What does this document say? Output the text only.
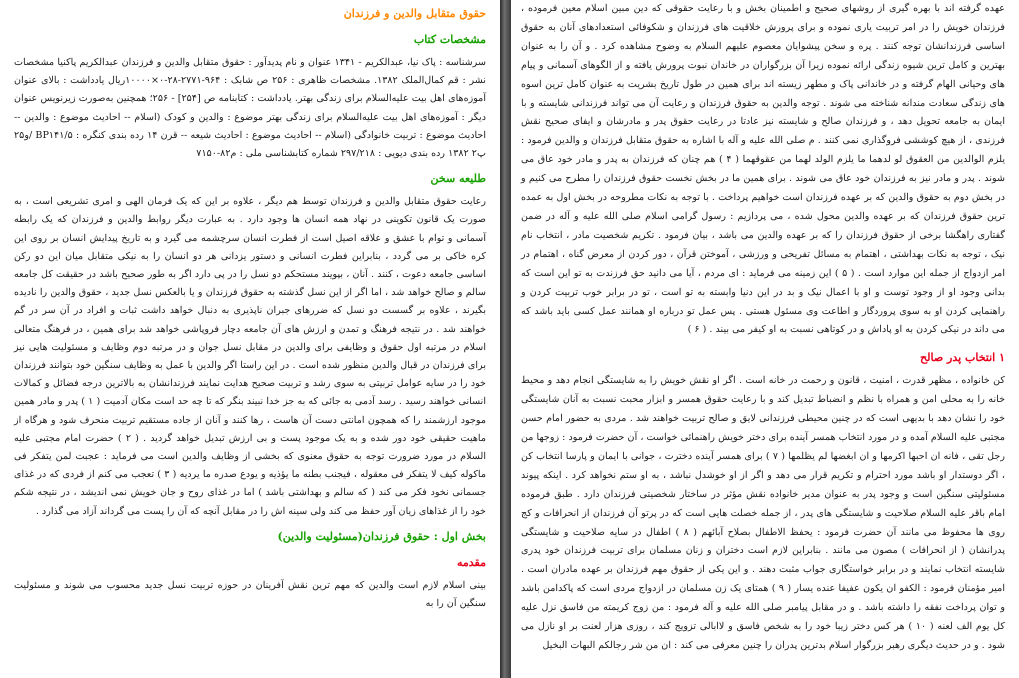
حقوق متقابل والدین و فرزندان
مشخصات کتاب

سرشناسه : پاک نیا، عبدالکریم - ۱۳۴۱ عنوان و نام پدیدآور : حقوق متقابل والدین و فرزندان عبدالکریم پاکنیا مشخصات نشر : قم کمال‌الملک ۱۳۸۲. مشخصات ظاهری : ۲۵۶ ص شابک : ۹۶۴-۲۷۷۱-۲۸-۰×۱۰۰۰۰ریال یادداشت : بالای عنوان آموزه‌های اهل بیت علیه‌السلام برای زندگی بهتر. یادداشت : کتابنامه ص [۲۵۴] - ۲۵۶؛ همچنین به‌صورت زیرنویس عنوان دیگر : آموزه‌های اهل بیت علیه‌السلام برای زندگی بهتر موضوع : والدین و کودک (اسلام -- احادیث موضوع : والدین -- احادیث موضوع : تربیت خانوادگی (اسلام -- احادیث موضوع : احادیث شیعه -- قرن ۱۴ رده بندی کنگره : BP۱۴۱/۵ /و۲۵ پ۲ ۱۳۸۲ رده بندی دیویی : ۲۹۷/۲۱۸ شماره کتابشناسی ملی : م۸۲-۷۱۵۰

طلیعه سخن

رعایت حقوق متقابل والدین و فرزندان توسط هم دیگر ، علاوه بر این که یک فرمان الهی و امری تشریعی است ، به صورت یک قانون تکوینی در نهاد همه انسان ها وجود دارد . به عبارت دیگر روابط والدین و فرزندان که یک رابطه آسمانی و توام با عشق و علاقه اصیل است از فطرت انسان سرچشمه می گیرد و به تاریخ پیدایش انسان بر روی این کره خاکی بر می گردد ، بنابراین فطرت انسانی و دستور یزدانی هر دو انسان را به نیکی متقابل میان این دو رکن اساسی جامعه دعوت ، کنند . آنان ، بپویند مستحکم دو نسل را در پی دارد اگر به طور صحیح باشد در حقیقت کل جامعه سالم و صالح خواهد شد ، اما اگر از این نسل گذشته به حقوق فرزندان و یا بالعکس نسل جدید ، حقوق والدین را نادیده بگیرند ، علاوه بر گسست دو نسل که ضررهای جبران ناپذیری به دنبال خواهد داشت ثبات و افراد در آن سر در گم خواهند شد . در نتیجه فرهنگ و تمدن و ارزش های آن جامعه دچار فروپاشی خواهد شد برای همین ، در فرهنگ متعالی اسلام در مرتبه اول حقوق و وظایفی برای والدین در مقابل نسل جوان و در مرتبه دوم وظایف و مسئولیت هایی نیز برای فرزندان در قبال والدین منظور شده است . در این راستا اگر والدین با عمل به وظایف سنگین خود بتوانند فرزندان خود را در سایه عوامل تربیتی به سوی رشد و تربیت صحیح هدایت نمایند فرزندانشان به بالاترین درجه فضائل و کمالات انسانی خواهند رسید . رسد آدمی به جائی که به جز خدا نبیند بنگر که تا چه حد است مکان آدمیت ( ۱ ) پدر و مادر همین موجود ارزشمند را که همچون امانتی دست آن هاست ، رها کنند و آنان از جاده مستقیم تربیت منحرف شود و هرگاه از ماهیت حقیقی خود دور شده و به یک موجود پست و بی ارزش تبدیل خواهد گردید . ( ۲ ) حضرت امام مجتبی علیه السلام در مورد ضرورت توجه به حقوق معنوی که بخشی از وظایف والدین است می فرماید : عجبت لمن یتفکر فی ماکوله کیف لا یتفکر فی معقوله ، فیجنب بطنه ما یؤذیه و یودع صدره ما یردیه ( ۳ ) تعجب می کنم از فردی که در غذای جسمانی نخود فکر می کند ( که سالم و بهداشتی باشد ) اما در غذای روح و جان خویش نمی اندیشد ، در نتیجه شکم خود را از غذاهای زیان آور حفظ می کند ولی سینه اش را در مقابل آنچه که آن را پست می گرداند آزاد می گذارد .

بخش اول : حقوق فرزندان(مسئولیت والدین)
مقدمه

بینی اسلام لازم است والدین که مهم ترین نقش آفرینان در حوزه تربیت نسل جدید محسوب می شوند و مسئولیت سنگین آن را به

عهده گرفته اند با بهره گیری از روشهای صحیح و اطمینان بخش و با رعایت حقوقی که دین مبین اسلام معین فرموده ، فرزندان خویش را در امر تربیت یاری نموده و برای پرورش خلاقیت های فرزندان و شکوفائی استعدادهای آنان به حقوق اساسی فرزندانشان توجه کنند . پره و سخن پیشوایان معصوم علیهم السلام به وضوح مشاهده کرد . و آن را به عنوان بهترین و کامل ترین شیوه زندگی ارائه نموده زیرا آن بزرگواران در خاندان نبوت پرورش یافته و از الگوهای آسمانی و پیام های وحیانی الهام گرفته و در خاندانی پاک و مطهر زیسته اند برای همین در طول تاریخ بشریت به عنوان کامل ترین اسوه های زندگی سعادت مندانه شناخته می شوند . توجه والدین به حقوق فرزندان و رعایت آن می تواند فرزندانی شایسته و با ایمان به جامعه تحویل دهد ، و فرزندان صالح و شایسته نیز عادتا در رعایت حقوق پدر و مادرشان و ایفای صحیح نقش فرزندی ، از هیچ کوششی فروگذاری نمی کنند . م صلی الله علیه و آله با اشاره به حقوق متقابل فرزندان و والدین فرمود : یلزم الوالدین من العقوق لو لدهما ما یلزم الولد لهما من عقوقهما ( ۴ ) هم چنان که فرزندان به پدر و مادر خود عاق می شوند . پدر و مادر نیز به فرزندان خود عاق می شوند . برای همین ما در بخش نخست حقوق فرزندان را مطرح می کنیم و در بخش دوم به حقوق والدین که بر عهده فرزندان است خواهیم پرداخت . با توجه به نکات مطروحه در بخش اول به عمده ترین حقوق فرزندان که بر عهده والدین محول شده ، می پردازیم : رسول گرامی اسلام صلی الله علیه و آله در ضمن گفتاری راهگشا برخی از حقوق فرزندان را که بر عهده والدین می باشد ، بیان فرمود . تکریم شخصیت مادر ، انتخاب نام نیک ، توجه به نکات بهداشتی ، اهتمام به مسائل تفریحی و ورزشی ، آموختن قرآن ، دور کردن از معرض گناه ، اهتمام در امر ازدواج از جمله این موارد است . ( ۵ ) این زمینه می فرماید : ای مردم ، آیا می دانید حق فرزندت به تو این است که بدانی وجود او از وجود توست و او با اعمال نیک و بد در این دنیا وابسته به تو است ، تو در برابر خوب تربیت کردن و راهنمایی کردن او به سوی پروردگار و اطاعت وی مسئول هستی . پس عمل تو درباره او همانند عمل کسی باید باشد که می داند در نیکی کردن به او پاداش و در کوتاهی نسبت به او کیفر می بیند . ( ۶ )

۱ انتخاب پدر صالح

کن خانواده ، مظهر قدرت ، امنیت ، قانون و رحمت در خانه است . اگر او نقش خویش را به شایستگی انجام دهد و محیط خانه را به محلی امن و همراه با نظم و انضباط تبدیل کند و با رعایت حقوق همسر و ابزار محبت نسبت به آنان شایستگی خود را نشان دهد با بدیهی است که در چنین محیطی فرزندانی لایق و صالح تربیت خواهند شد . مردی به حضور امام حسن مجتبی علیه السلام آمده و در مورد انتخاب همسر آینده برای دختر خویش راهنمائی خواست ، آن حضرت فرمود : زوجها من رجل تقی ، فانه ان احبها اکرمها و ان ابغضها لم یظلمها ( ۷ ) برای همسر آینده دخترت ، جوانی با ایمان و پارسا انتخاب کن ، اگر دوستدار او باشد مورد احترام و تکریم قرار می دهد و اگر از او خوشدل نباشد ، به او ستم نخواهد کرد . اینکه پیوند مسئولیتی سنگین است و وجود پدر به عنوان مدیر خانواده نقش مؤثر در ساختار شخصیتی فرزندان دارد . طبق فرموده امام باقر علیه السلام صلاحیت و شایستگی های پدر ، از جمله خصلت هایی است که در پرتو آن فرزندان از انحرافات و کج روی ها محفوظ می مانند آن حضرت فرمود : یحفظ الاطفال بصلاح آبائهم ( ۸ ) اطفال در سایه صلاحیت و شایستگی پدرانشان ( از انحرافات ) مصون می مانند . بنابراین لازم است دختران و زنان مسلمان برای تربیت فرزندان خود پدری شایسته انتخاب نمایند و در برابر خواستگاری جواب مثبت دهند . و این یکی از حقوق مهم فرزندان بر عهده مادران است . امیر مؤمنان فرمود : الکفو ان یکون عفیفا عنده یسار ( ۹ ) همتای یک زن مسلمان در ازدواج مردی است که پاکدامن باشد و توان پرداخت نفقه را داشته باشد . و در مقابل پیامبر صلی الله علیه و آله فرمود : من زوج کریمته من فاسق نزل علیه کل یوم الف لعنه ( ۱۰ ) هر کس دختر زیبا خود را به شخص فاسق و لاابالی تزویج کند ، روزی هزار لعنت بر او نازل می شود . و در حدیث دیگری رهبر بزرگوار اسلام بدترین پدران را چنین معرفی می کند : ان من شر رجالکم البهات البخیل
